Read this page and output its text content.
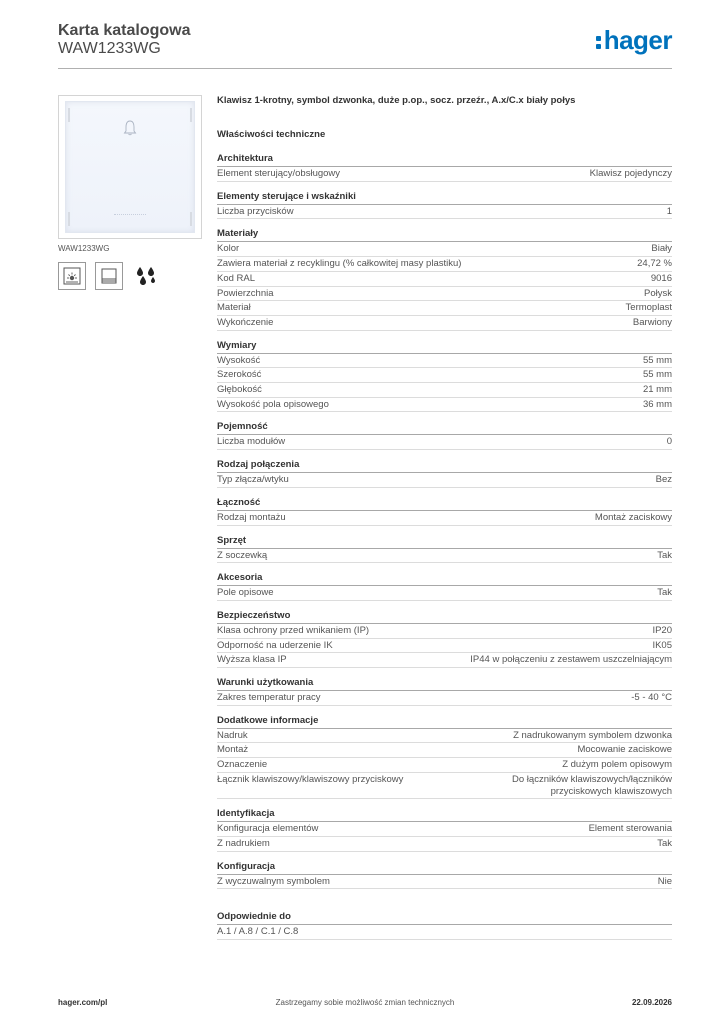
Karta katalogowa
WAW1233WG	hager
WAW1233WG
Klawisz 1-krotny, symbol dzwonka, duże p.op., socz. przeźr., A.x/C.x biały połys
Właściwości techniczne
Architektura
Element sterujący/obsługowy	Klawisz pojedynczy
Elementy sterujące i wskaźniki
Liczba przycisków	1
Materiały
Kolor	Biały
Zawiera materiał z recyklingu (% całkowitej masy plastiku)	24,72 %
Kod RAL	9016
Powierzchnia	Połysk
Materiał	Termoplast
Wykończenie	Barwiony
Wymiary
Wysokość	55 mm
Szerokość	55 mm
Głębokość	21 mm
Wysokość pola opisowego	36 mm
Pojemność
Liczba modułów	0
Rodzaj połączenia
Typ złącza/wtyku	Bez
Łączność
Rodzaj montażu	Montaż zaciskowy
Sprzęt
Z soczewką	Tak
Akcesoria
Pole opisowe	Tak
Bezpieczeństwo
Klasa ochrony przed wnikaniem (IP)	IP20
Odporność na uderzenie IK	IK05
Wyższa klasa IP	IP44 w połączeniu z zestawem uszczelniającym
Warunki użytkowania
Zakres temperatur pracy	-5 - 40 °C
Dodatkowe informacje
Nadruk	Z nadrukowanym symbolem dzwonka
Montaż	Mocowanie zaciskowe
Oznaczenie	Z dużym polem opisowym
Łącznik klawiszowy/klawiszowy przyciskowy	Do łączników klawiszowych/łączników
przyciskowych klawiszowych
Identyfikacja
Konfiguracja elementów	Element sterowania
Z nadrukiem	Tak
Konfiguracja
Z wyczuwalnym symbolem	Nie
Odpowiednie do
A.1 / A.8 / C.1 / C.8
hager.com/pl	Zastrzegamy sobie możliwość zmian technicznych	22.09.2026
